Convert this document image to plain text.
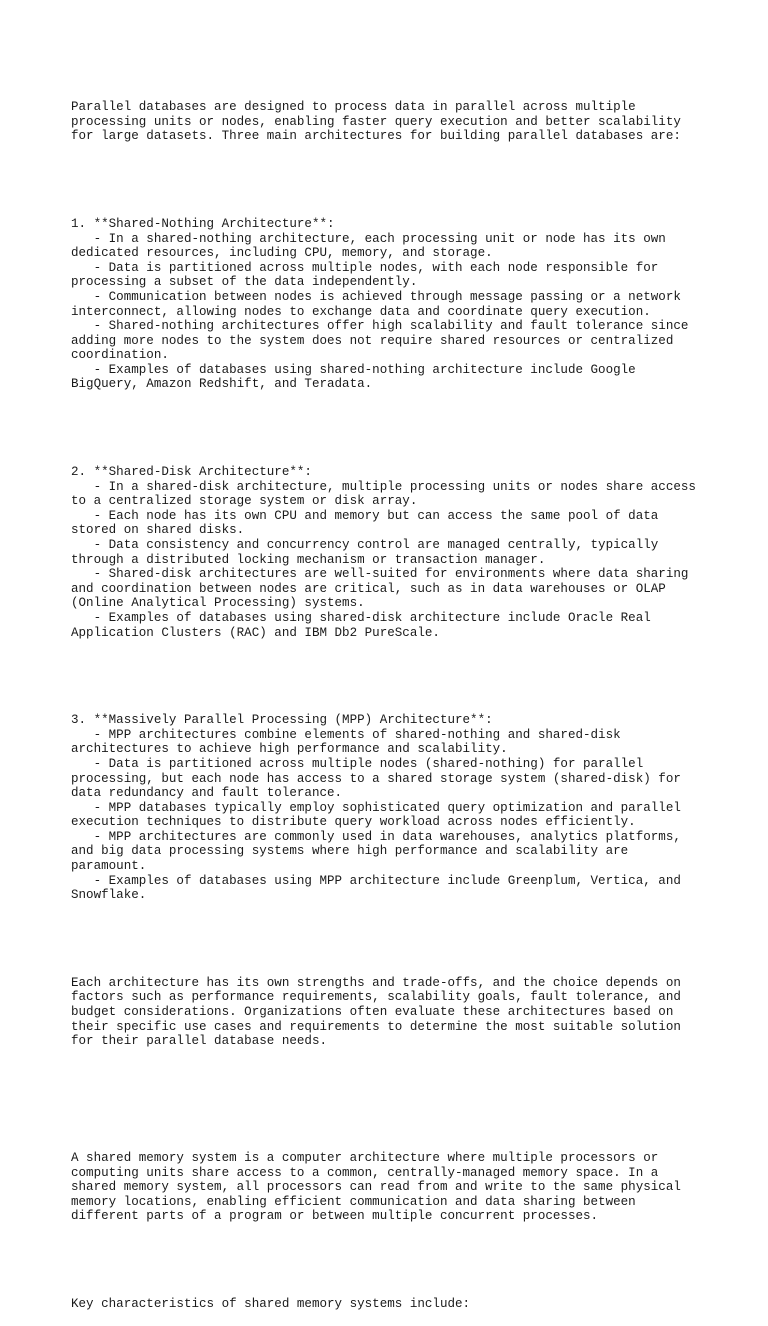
Parallel databases are designed to process data in parallel across multiple
processing units or nodes, enabling faster query execution and better scalability
for large datasets. Three main architectures for building parallel databases are:

1. **Shared-Nothing Architecture**:
- In a shared-nothing architecture, each processing unit or node has its own
dedicated resources, including CPU, memory, and storage.
- Data is partitioned across multiple nodes, with each node responsible for
processing a subset of the data independently.
- Communication between nodes is achieved through message passing or a network
interconnect, allowing nodes to exchange data and coordinate query execution.
- Shared-nothing architectures offer high scalability and fault tolerance since
adding more nodes to the system does not require shared resources or centralized
coordination.
- Examples of databases using shared-nothing architecture include Google
BigQuery, Amazon Redshift, and Teradata.

2. **Shared-Disk Architecture**:
- In a shared-disk architecture, multiple processing units or nodes share access
to a centralized storage system or disk array.
- Each node has its own CPU and memory but can access the same pool of data
stored on shared disks.
- Data consistency and concurrency control are managed centrally, typically
through a distributed locking mechanism or transaction manager.
- Shared-disk architectures are well-suited for environments where data sharing
and coordination between nodes are critical, such as in data warehouses or OLAP
(Online Analytical Processing) systems.
- Examples of databases using shared-disk architecture include Oracle Real
Application Clusters (RAC) and IBM Db2 PureScale.

3. **Massively Parallel Processing (MPP) Architecture**:
- MPP architectures combine elements of shared-nothing and shared-disk
architectures to achieve high performance and scalability.
- Data is partitioned across multiple nodes (shared-nothing) for parallel
processing, but each node has access to a shared storage system (shared-disk) for
data redundancy and fault tolerance.
- MPP databases typically employ sophisticated query optimization and parallel
execution techniques to distribute query workload across nodes efficiently.
- MPP architectures are commonly used in data warehouses, analytics platforms,
and big data processing systems where high performance and scalability are
paramount.
- Examples of databases using MPP architecture include Greenplum, Vertica, and
Snowflake.

Each architecture has its own strengths and trade-offs, and the choice depends on
factors such as performance requirements, scalability goals, fault tolerance, and
budget considerations. Organizations often evaluate these architectures based on
their specific use cases and requirements to determine the most suitable solution
for their parallel database needs.

A shared memory system is a computer architecture where multiple processors or
computing units share access to a common, centrally-managed memory space. In a
shared memory system, all processors can read from and write to the same physical
memory locations, enabling efficient communication and data sharing between
different parts of a program or between multiple concurrent processes.

Key characteristics of shared memory systems include:
